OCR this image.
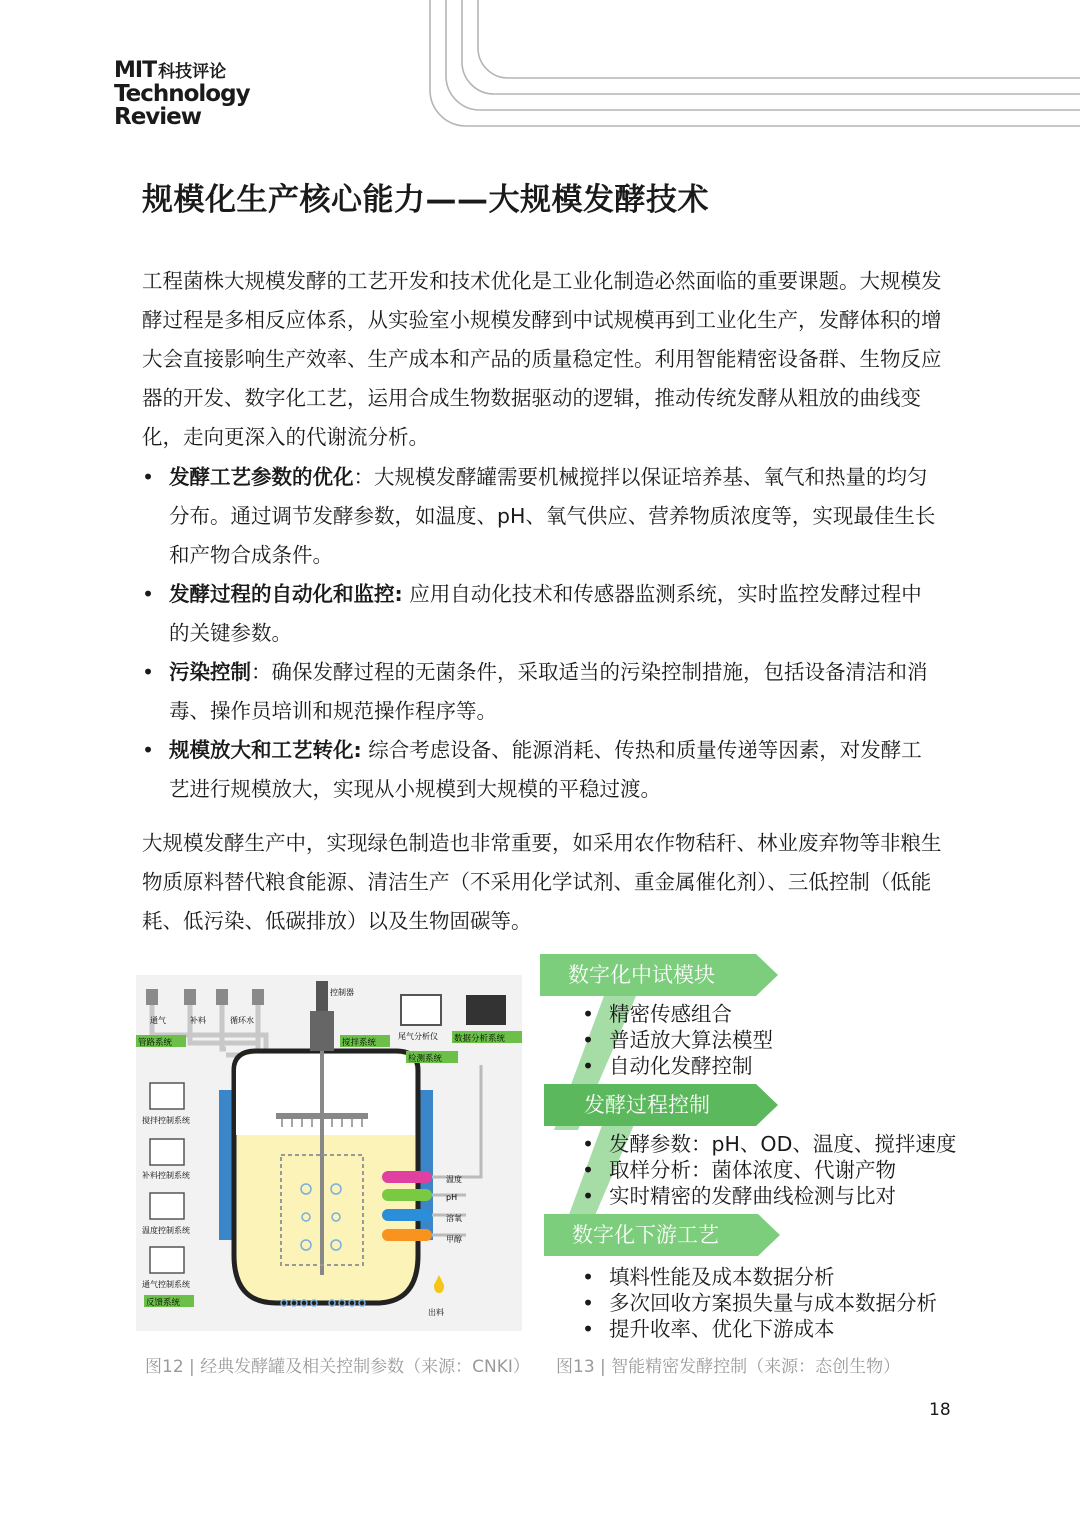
MIT 科技评论
Technology
Review
规模化生产核心能力——大规模发酵技术

工程菌株大规模发酵的工艺开发和技术优化是工业化制造必然面临的重要课题。大规模发酵过程是多相反应体系，从实验室小规模发酵到中试规模再到工业化生产，发酵体积的增大会直接影响生产效率、生产成本和产品的质量稳定性。利用智能精密设备群、生物反应器的开发、数字化工艺，运用合成生物数据驱动的逻辑，推动传统发酵从粗放的曲线变化，走向更深入的代谢流分析。

• 发酵工艺参数的优化：大规模发酵罐需要机械搅拌以保证培养基、氧气和热量的均匀分布。通过调节发酵参数，如温度、pH、氧气供应、营养物质浓度等，实现最佳生长和产物合成条件。
• 发酵过程的自动化和监控: 应用自动化技术和传感器监测系统，实时监控发酵过程中的关键参数。
• 污染控制：确保发酵过程的无菌条件，采取适当的污染控制措施，包括设备清洁和消毒、操作员培训和规范操作程序等。
• 规模放大和工艺转化: 综合考虑设备、能源消耗、传热和质量传递等因素，对发酵工艺进行规模放大，实现从小规模到大规模的平稳过渡。

大规模发酵生产中，实现绿色制造也非常重要，如采用农作物秸秆、林业废弃物等非粮生物质原料替代粮食能源、清洁生产（不采用化学试剂、重金属催化剂）、三低控制（低能耗、低污染、低碳排放）以及生物固碳等。

通气	补料	循环水
管路系统
控制器
搅拌系统
尾气分析仪 数据分析系统
检测系统
搅拌控制系统
补料控制系统
温度控制系统
通气控制系统
反馈系统
温度
pH
溶氧
甲醇
出料
数字化中试模块
发酵过程控制
数字化下游工艺
• 精密传感组合
• 普适放大算法模型
• 自动化发酵控制
• 发酵参数：pH、OD、温度、搅拌速度
• 取样分析：菌体浓度、代谢产物
• 实时精密的发酵曲线检测与比对
• 填料性能及成本数据分析
• 多次回收方案损失量与成本数据分析
• 提升收率、优化下游成本
图12 | 经典发酵罐及相关控制参数（来源：CNKI） 图13 | 智能精密发酵控制（来源：态创生物）
18
